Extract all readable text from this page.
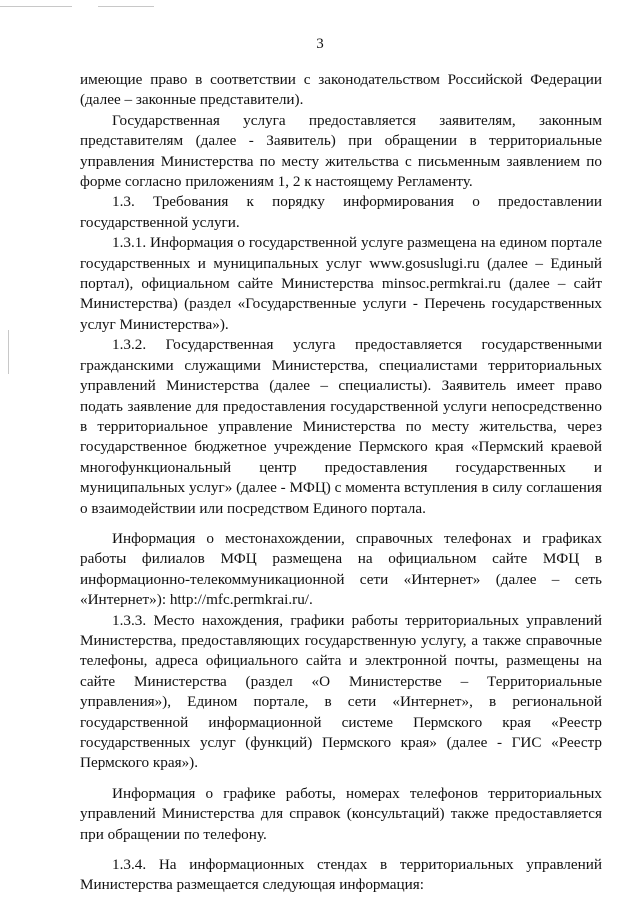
3

имеющие право в соответствии с законодательством Российской Федерации (далее – законные представители).

Государственная услуга предоставляется заявителям, законным представителям (далее - Заявитель) при обращении в территориальные управления Министерства по месту жительства с письменным заявлением по форме согласно приложениям 1, 2 к настоящему Регламенту.

1.3. Требования к порядку информирования о предоставлении государственной услуги.

1.3.1. Информация о государственной услуге размещена на едином портале государственных и муниципальных услуг www.gosuslugi.ru (далее – Единый портал), официальном сайте Министерства minsoc.permkrai.ru (далее – сайт Министерства) (раздел «Государственные услуги - Перечень государственных услуг Министерства»).

1.3.2. Государственная услуга предоставляется государственными гражданскими служащими Министерства, специалистами территориальных управлений Министерства (далее – специалисты). Заявитель имеет право подать заявление для предоставления государственной услуги непосредственно в территориальное управление Министерства по месту жительства, через государственное бюджетное учреждение Пермского края «Пермский краевой многофункциональный центр предоставления государственных и муниципальных услуг» (далее - МФЦ) с момента вступления в силу соглашения о взаимодействии или посредством Единого портала.

Информация о местонахождении, справочных телефонах и графиках работы филиалов МФЦ размещена на официальном сайте МФЦ в информационно-телекоммуникационной сети «Интернет» (далее – сеть «Интернет»): http://mfc.permkrai.ru/.

1.3.3. Место нахождения, графики работы территориальных управлений Министерства, предоставляющих государственную услугу, а также справочные телефоны, адреса официального сайта и электронной почты, размещены на сайте Министерства (раздел «О Министерстве – Территориальные управления»), Едином портале, в сети «Интернет», в региональной государственной информационной системе Пермского края «Реестр государственных услуг (функций) Пермского края» (далее - ГИС «Реестр Пермского края»).

Информация о графике работы, номерах телефонов территориальных управлений Министерства для справок (консультаций) также предоставляется при обращении по телефону.

1.3.4. На информационных стендах в территориальных управлений Министерства размещается следующая информация:
